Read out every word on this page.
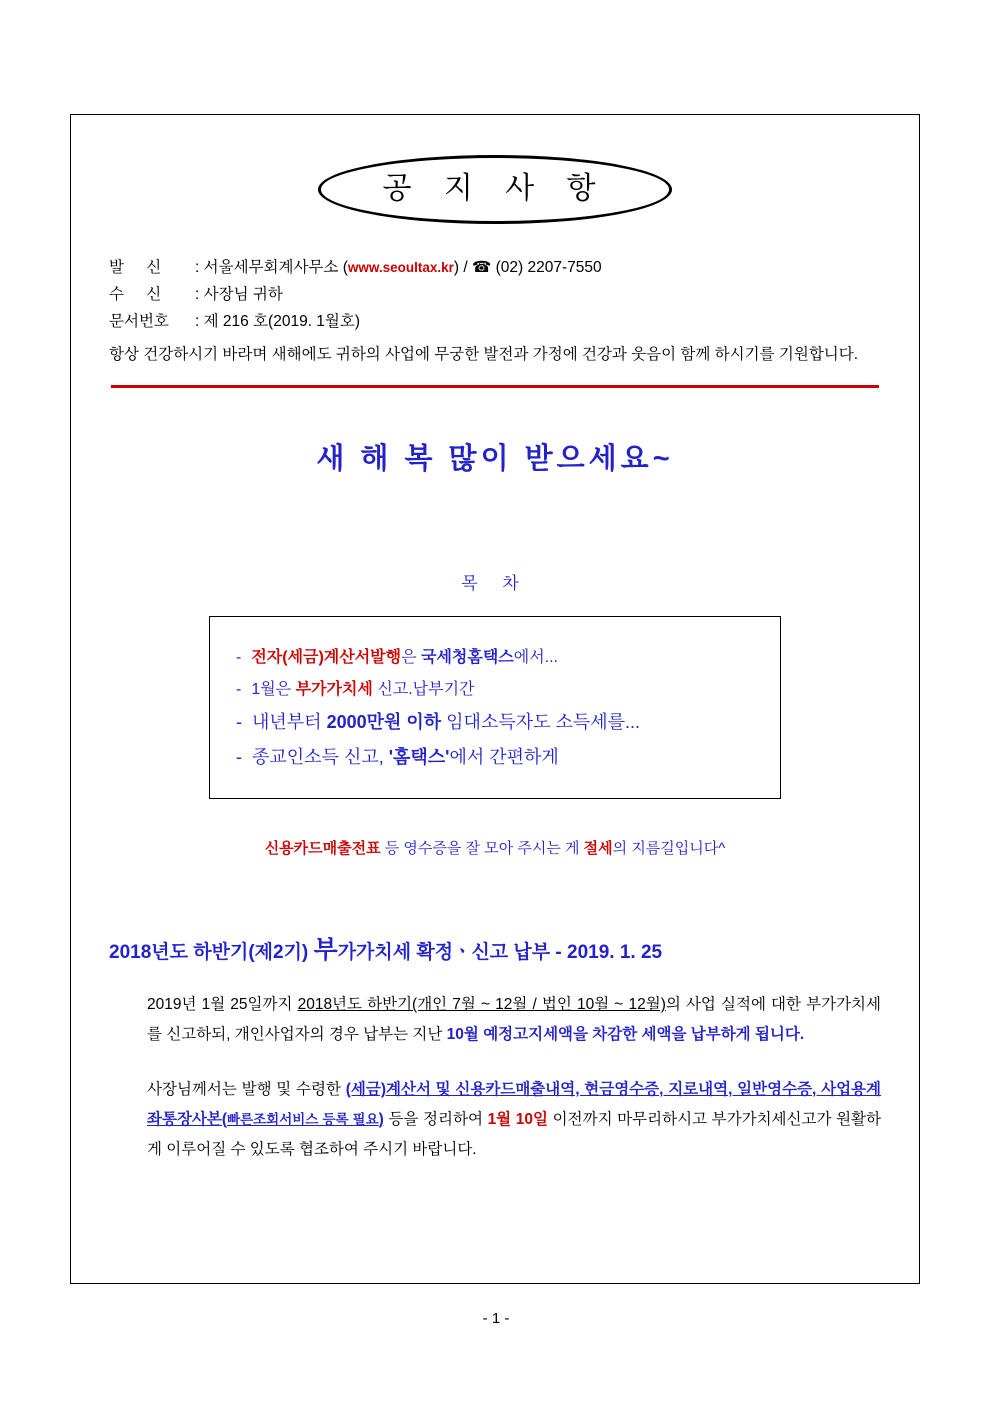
공 지 사 항
발 신 : 서울세무회계사무소 (www.seoultax.kr) / ☎ (02) 2207-7550
수 신 : 사장님 귀하
문서번호 : 제 216 호(2019. 1월호)
항상 건강하시기 바라며 새해에도 귀하의 사업에 무궁한 발전과 가정에 건강과 웃음이 함께 하시기를 기원합니다.
새 해 복 많이 받으세요~
목 차
- 전자(세금)계산서발행은 국세청홈택스에서...
- 1월은 부가가치세 신고.납부기간
- 내년부터 2000만원 이하 임대소득자도 소득세를...
- 종교인소득 신고, '홈택스'에서 간편하게
신용카드매출전표 등 영수증을 잘 모아 주시는 게 절세의 지름길입니다^
2018년도 하반기(제2기) 부가가치세 확정ㆍ신고 납부 - 2019. 1. 25
2019년 1월 25일까지 2018년도 하반기(개인 7월 ~ 12월 / 법인 10월 ~ 12월)의 사업 실적에 대한 부가가치세를 신고하되, 개인사업자의 경우 납부는 지난 10월 예정고지세액을 차감한 세액을 납부하게 됩니다.
사장님께서는 발행 및 수령한 (세금)계산서 및 신용카드매출내역, 현금영수증, 지로내역, 일반영수증, 사업용계좌통장사본(빠른조회서비스 등록 필요) 등을 정리하여 1월 10일 이전까지 마무리하시고 부가가치세신고가 원활하게 이루어질 수 있도록 협조하여 주시기 바랍니다.
- 1 -
